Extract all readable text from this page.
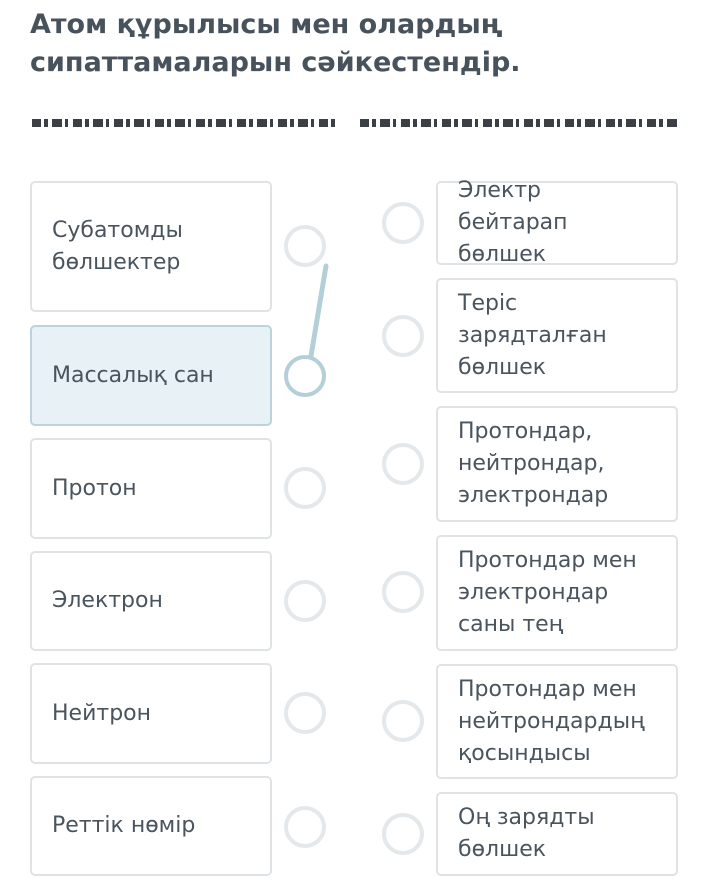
Атом құрылысы мен олардың сипаттамаларын сәйкестендір.
Субатомды бөлшектер
Массалық сан
Протон
Электрон
Нейтрон
Реттік нөмір
Электр бейтарап бөлшек
Теріс зарядталған бөлшек
Протондар, нейтрондар, электрондар
Протондар мен электрондар саны тең
Протондар мен нейтрондардың қосындысы
Оң зарядты бөлшек
